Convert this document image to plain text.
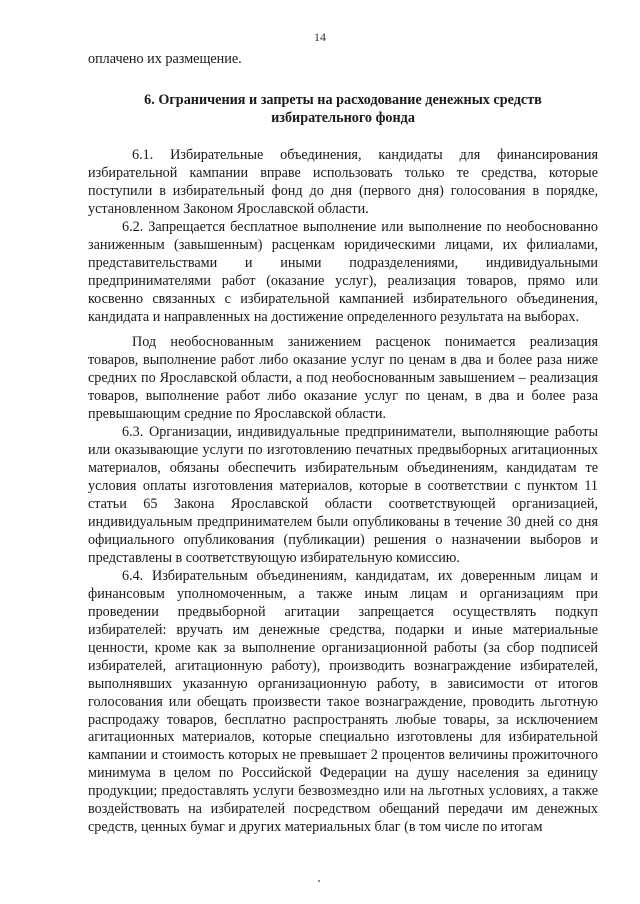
14

оплачено их размещение.

6. Ограничения и запреты на расходование денежных средств
избирательного фонда

6.1. Избирательные объединения, кандидаты для финансирования избирательной кампании вправе использовать только те средства, которые поступили в избирательный фонд до дня (первого дня) голосования в порядке, установленном Законом Ярославской области.

6.2. Запрещается бесплатное выполнение или выполнение по необоснованно заниженным (завышенным) расценкам юридическими лицами, их филиалами, представительствами и иными подразделениями, индивидуальными предпринимателями работ (оказание услуг), реализация товаров, прямо или косвенно связанных с избирательной кампанией избирательного объединения, кандидата и направленных на достижение определенного результата на выборах.

Под необоснованным занижением расценок понимается реализация товаров, выполнение работ либо оказание услуг по ценам в два и более раза ниже средних по Ярославской области, а под необоснованным завышением – реализация товаров, выполнение работ либо оказание услуг по ценам, в два и более раза превышающим средние по Ярославской области.

6.3. Организации, индивидуальные предприниматели, выполняющие работы или оказывающие услуги по изготовлению печатных предвыборных агитационных материалов, обязаны обеспечить избирательным объединениям, кандидатам те условия оплаты изготовления материалов, которые в соответствии с пунктом 11 статьи 65 Закона Ярославской области соответствующей организацией, индивидуальным предпринимателем были опубликованы в течение 30 дней со дня официального опубликования (публикации) решения о назначении выборов и представлены в соответствующую избирательную комиссию.

6.4. Избирательным объединениям, кандидатам, их доверенным лицам и финансовым уполномоченным, а также иным лицам и организациям при проведении предвыборной агитации запрещается осуществлять подкуп избирателей: вручать им денежные средства, подарки и иные материальные ценности, кроме как за выполнение организационной работы (за сбор подписей избирателей, агитационную работу), производить вознаграждение избирателей, выполнявших указанную организационную работу, в зависимости от итогов голосования или обещать произвести такое вознаграждение, проводить льготную распродажу товаров, бесплатно распространять любые товары, за исключением агитационных материалов, которые специально изготовлены для избирательной кампании и стоимость которых не превышает 2 процентов величины прожиточного минимума в целом по Российской Федерации на душу населения за единицу продукции; предоставлять услуги безвозмездно или на льготных условиях, а также воздействовать на избирателей посредством обещаний передачи им денежных средств, ценных бумаг и других материальных благ (в том числе по итогам
